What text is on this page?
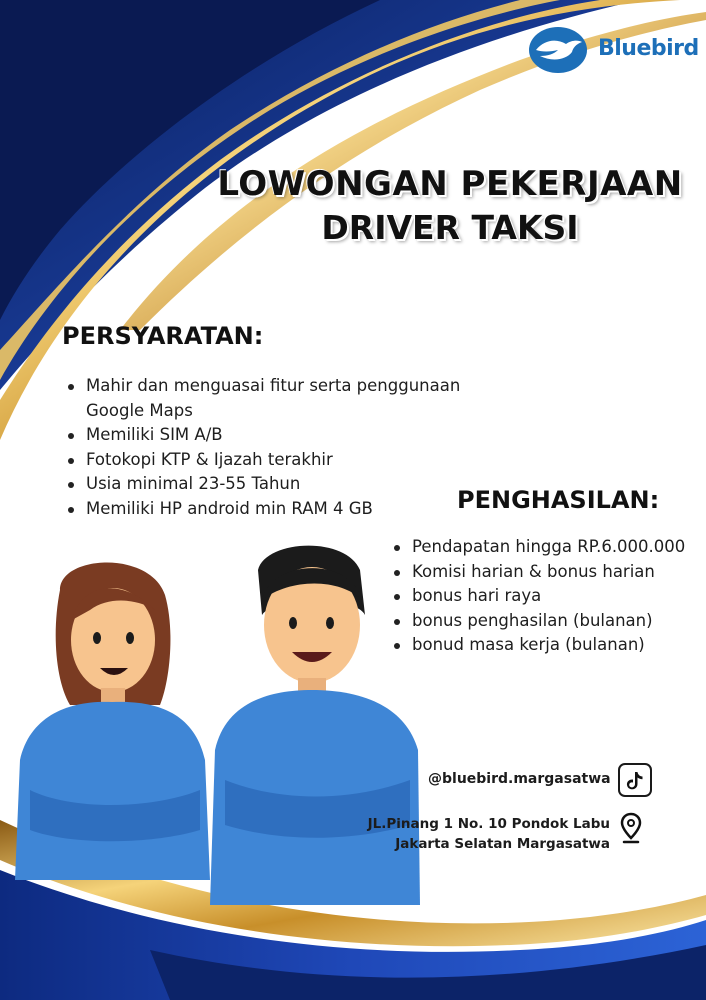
Bluebird
LOWONGAN PEKERJAAN
DRIVER TAKSI
PERSYARATAN:
Mahir dan menguasai fitur serta penggunaan Google Maps
Memiliki SIM A/B
Fotokopi KTP & Ijazah terakhir
Usia minimal 23-55 Tahun
Memiliki HP android min RAM 4 GB	PENGHASILAN:
Pendapatan hingga RP.6.000.000
Komisi harian & bonus harian
bonus hari raya
bonus penghasilan (bulanan)
bonud masa kerja (bulanan)
@bluebird.margasatwa
JL.Pinang 1 No. 10 Pondok Labu
Jakarta Selatan Margasatwa
